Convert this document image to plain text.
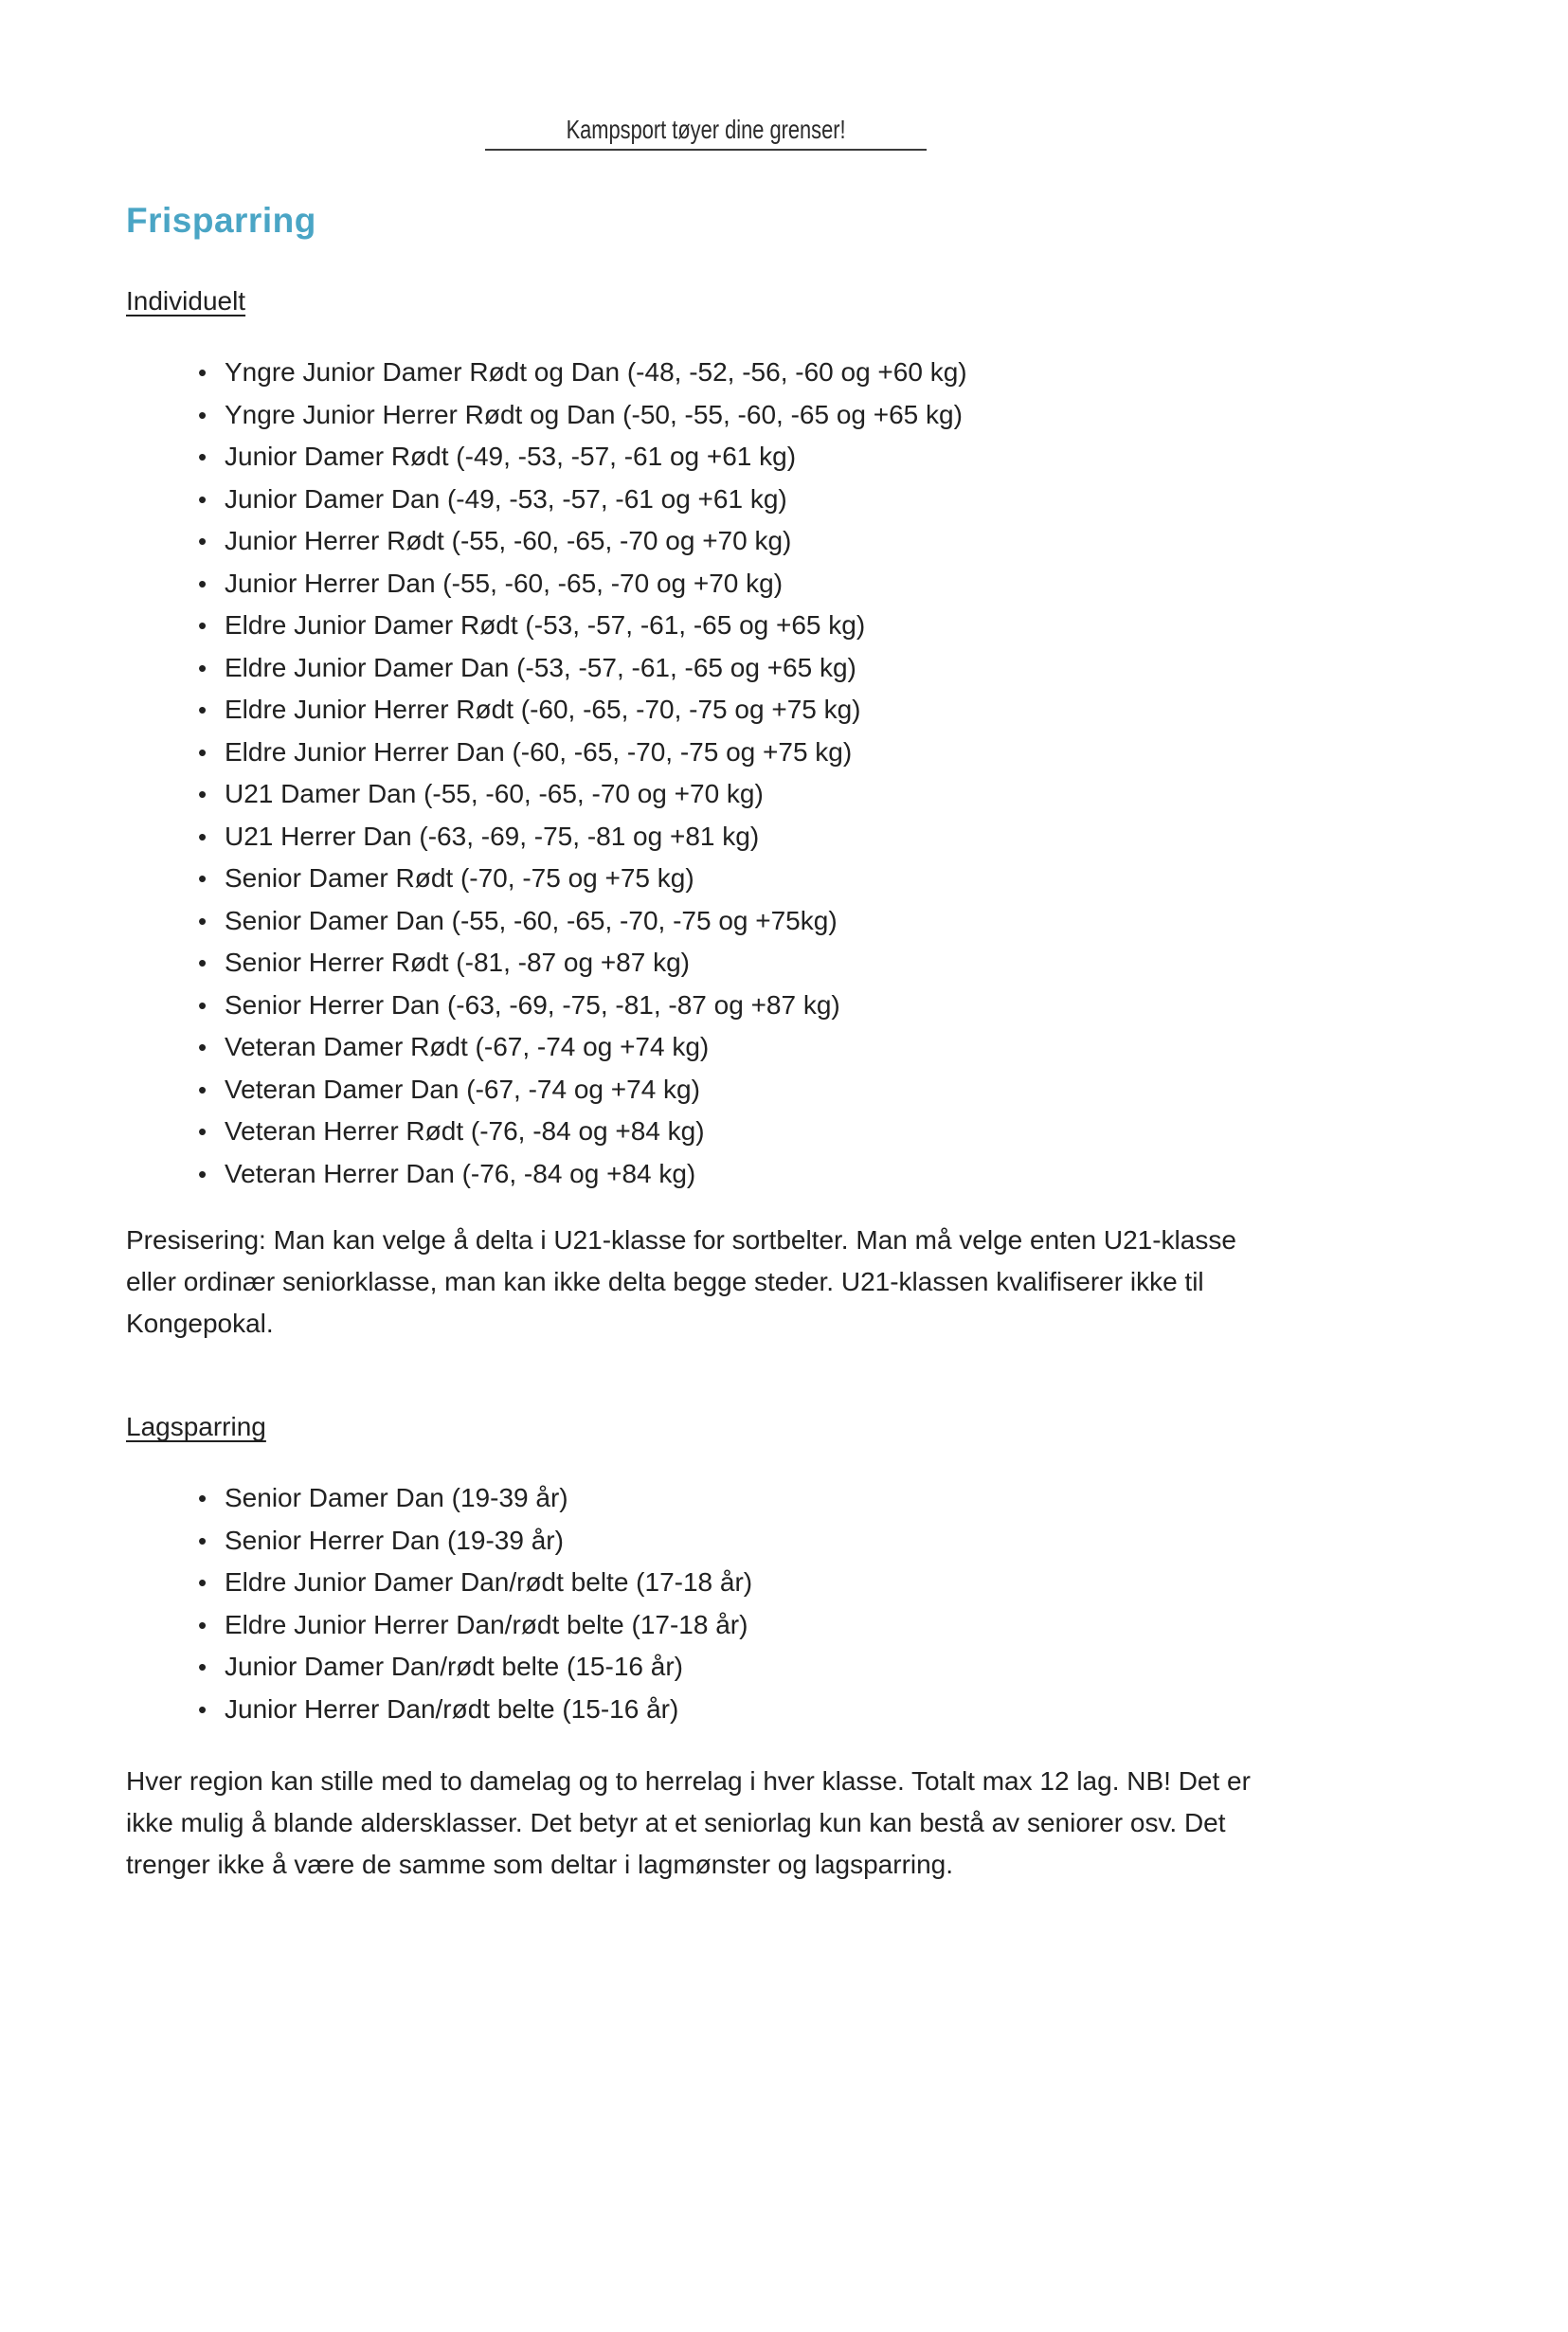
Kampsport tøyer dine grenser!
Frisparring
Individuelt
• Yngre Junior Damer Rødt og Dan (-48, -52, -56, -60 og +60 kg)
• Yngre Junior Herrer Rødt og Dan (-50, -55, -60, -65 og +65 kg)
• Junior Damer Rødt (-49, -53, -57, -61 og +61 kg)
• Junior Damer Dan (-49, -53, -57, -61 og +61 kg)
• Junior Herrer Rødt (-55, -60, -65, -70 og +70 kg)
• Junior Herrer Dan (-55, -60, -65, -70 og +70 kg)
• Eldre Junior Damer Rødt (-53, -57, -61, -65 og +65 kg)
• Eldre Junior Damer Dan (-53, -57, -61, -65 og +65 kg)
• Eldre Junior Herrer Rødt (-60, -65, -70, -75 og +75 kg)
• Eldre Junior Herrer Dan (-60, -65, -70, -75 og +75 kg)
• U21 Damer Dan (-55, -60, -65, -70 og +70 kg)
• U21 Herrer Dan (-63, -69, -75, -81 og +81 kg)
• Senior Damer Rødt (-70, -75 og +75 kg)
• Senior Damer Dan (-55, -60, -65, -70, -75 og +75kg)
• Senior Herrer Rødt (-81, -87 og +87 kg)
• Senior Herrer Dan (-63, -69, -75, -81, -87 og +87 kg)
• Veteran Damer Rødt (-67, -74 og +74 kg)
• Veteran Damer Dan (-67, -74 og +74 kg)
• Veteran Herrer Rødt (-76, -84 og +84 kg)
• Veteran Herrer Dan (-76, -84 og +84 kg)
Presisering: Man kan velge å delta i U21-klasse for sortbelter. Man må velge enten U21-klasse
eller ordinær seniorklasse, man kan ikke delta begge steder. U21-klassen kvalifiserer ikke til
Kongepokal.
Lagsparring
• Senior Damer Dan (19-39 år)
• Senior Herrer Dan (19-39 år)
• Eldre Junior Damer Dan/rødt belte (17-18 år)
• Eldre Junior Herrer Dan/rødt belte (17-18 år)
• Junior Damer Dan/rødt belte (15-16 år)
• Junior Herrer Dan/rødt belte (15-16 år)
Hver region kan stille med to damelag og to herrelag i hver klasse. Totalt max 12 lag. NB! Det er
ikke mulig å blande aldersklasser. Det betyr at et seniorlag kun kan bestå av seniorer osv. Det
trenger ikke å være de samme som deltar i lagmønster og lagsparring.
